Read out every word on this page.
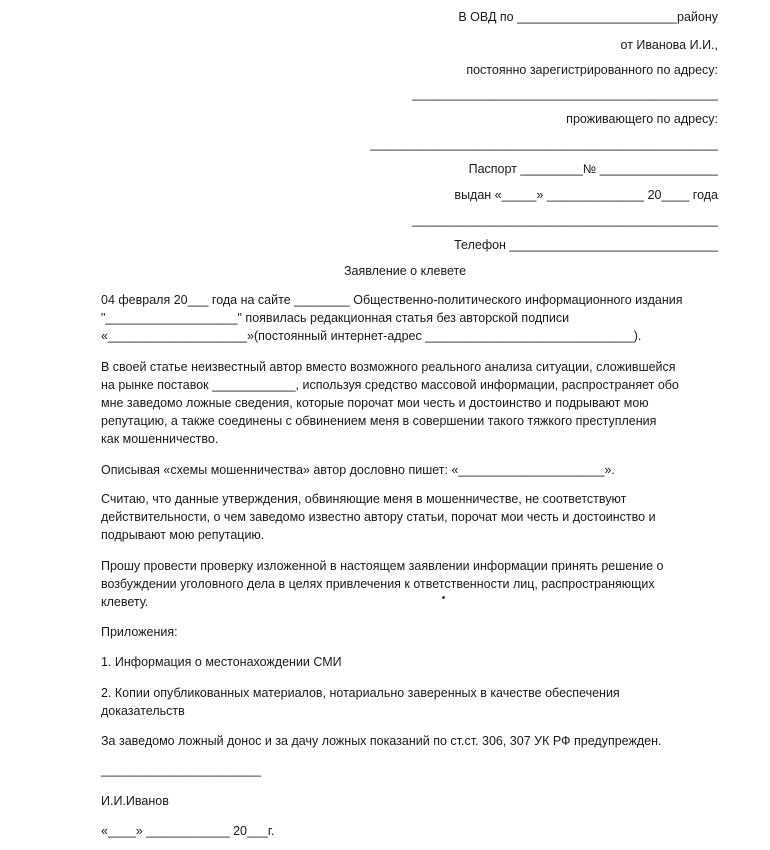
В ОВД по _______________________району
от Иванова И.И.,
постоянно зарегистрированного по адресу:
____________________________________________
проживающего по адресу:
__________________________________________________
Паспорт _________№ _________________
выдан «_____» ______________ 20____ года
____________________________________________
Телефон ______________________________
Заявление о клевете
04 февраля 20___ года на сайте ________ Общественно-политического информационного издания
"___________________" появилась редакционная статья без авторской подписи
«____________________»(постоянный интернет-адрес ______________________________).
В своей статье неизвестный автор вместо возможного реального анализа ситуации, сложившейся
на рынке поставок ____________, используя средство массовой информации, распространяет обо
мне заведомо ложные сведения, которые порочат мои честь и достоинство и подрывают мою
репутацию, а также соединены с обвинением меня в совершении такого тяжкого преступления
как мошенничество.
Описывая «схемы мошенничества» автор дословно пишет: «_____________________».
Считаю, что данные утверждения, обвиняющие меня в мошенничестве, не соответствуют
действительности, о чем заведомо известно автору статьи, порочат мои честь и достоинство и
подрывают мою репутацию.
Прошу провести проверку изложенной в настоящем заявлении информации принять решение о
возбуждении уголовного дела в целях привлечения к ответственности лиц, распространяющих
клевету.
Приложения:
1. Информация о местонахождении СМИ
2. Копии опубликованных материалов, нотариально заверенных в качестве обеспечения
доказательств
За заведомо ложный донос и за дачу ложных показаний по ст.ст. 306, 307 УК РФ предупрежден.
_______________________
И.И.Иванов
«____» ____________ 20___г.
